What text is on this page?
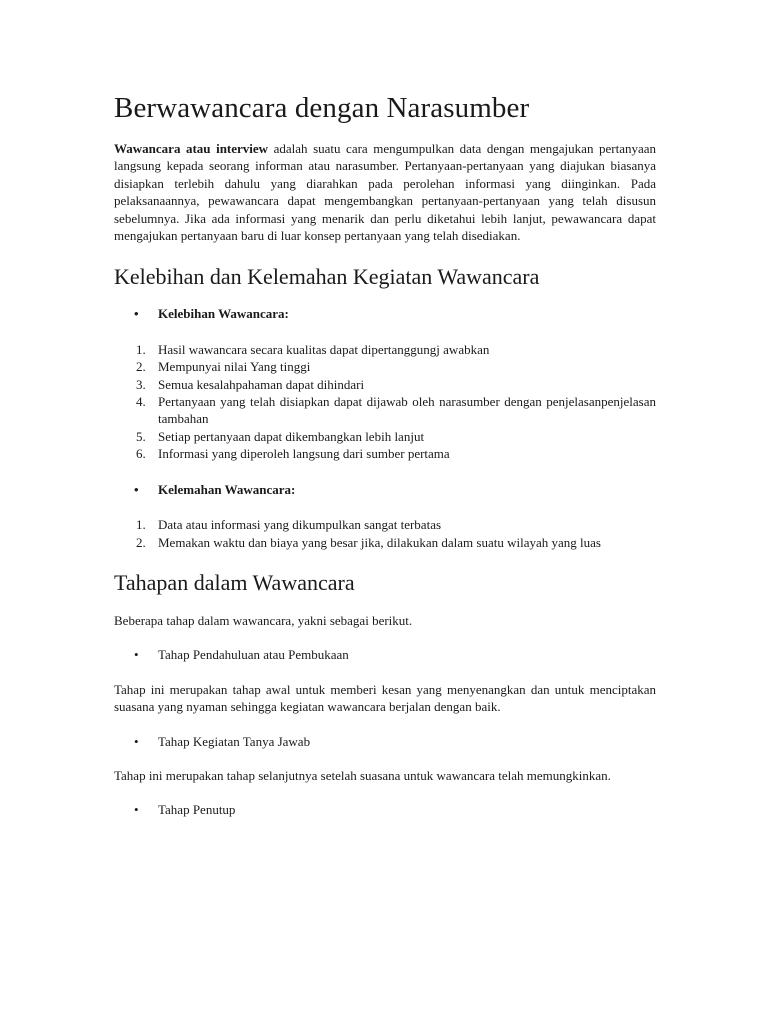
Berwawancara dengan Narasumber

Wawancara atau interview adalah suatu cara mengumpulkan data dengan mengajukan pertanyaan langsung kepada seorang informan atau narasumber. Pertanyaan-pertanyaan yang diajukan biasanya disiapkan terlebih dahulu yang diarahkan pada perolehan informasi yang diinginkan. Pada pelaksanaannya, pewawancara dapat mengembangkan pertanyaan-pertanyaan yang telah disusun sebelumnya. Jika ada informasi yang menarik dan perlu diketahui lebih lanjut, pewawancara dapat mengajukan pertanyaan baru di luar konsep pertanyaan yang telah disediakan.

Kelebihan dan Kelemahan Kegiatan Wawancara
• Kelebihan Wawancara:
1. Hasil wawancara secara kualitas dapat dipertanggungj awabkan
2. Mempunyai nilai Yang tinggi
3. Semua kesalahpahaman dapat dihindari
4. Pertanyaan yang telah disiapkan dapat dijawab oleh narasumber dengan penjelasanpenjelasan tambahan
5. Setiap pertanyaan dapat dikembangkan lebih lanjut
6. Informasi yang diperoleh langsung dari sumber pertama
• Kelemahan Wawancara:
1. Data atau informasi yang dikumpulkan sangat terbatas
2. Memakan waktu dan biaya yang besar jika, dilakukan dalam suatu wilayah yang luas
Tahapan dalam Wawancara

Beberapa tahap dalam wawancara, yakni sebagai berikut.

• Tahap Pendahuluan atau Pembukaan

Tahap ini merupakan tahap awal untuk memberi kesan yang menyenangkan dan untuk menciptakan suasana yang nyaman sehingga kegiatan wawancara berjalan dengan baik.

• Tahap Kegiatan Tanya Jawab

Tahap ini merupakan tahap selanjutnya setelah suasana untuk wawancara telah memungkinkan.

• Tahap Penutup
